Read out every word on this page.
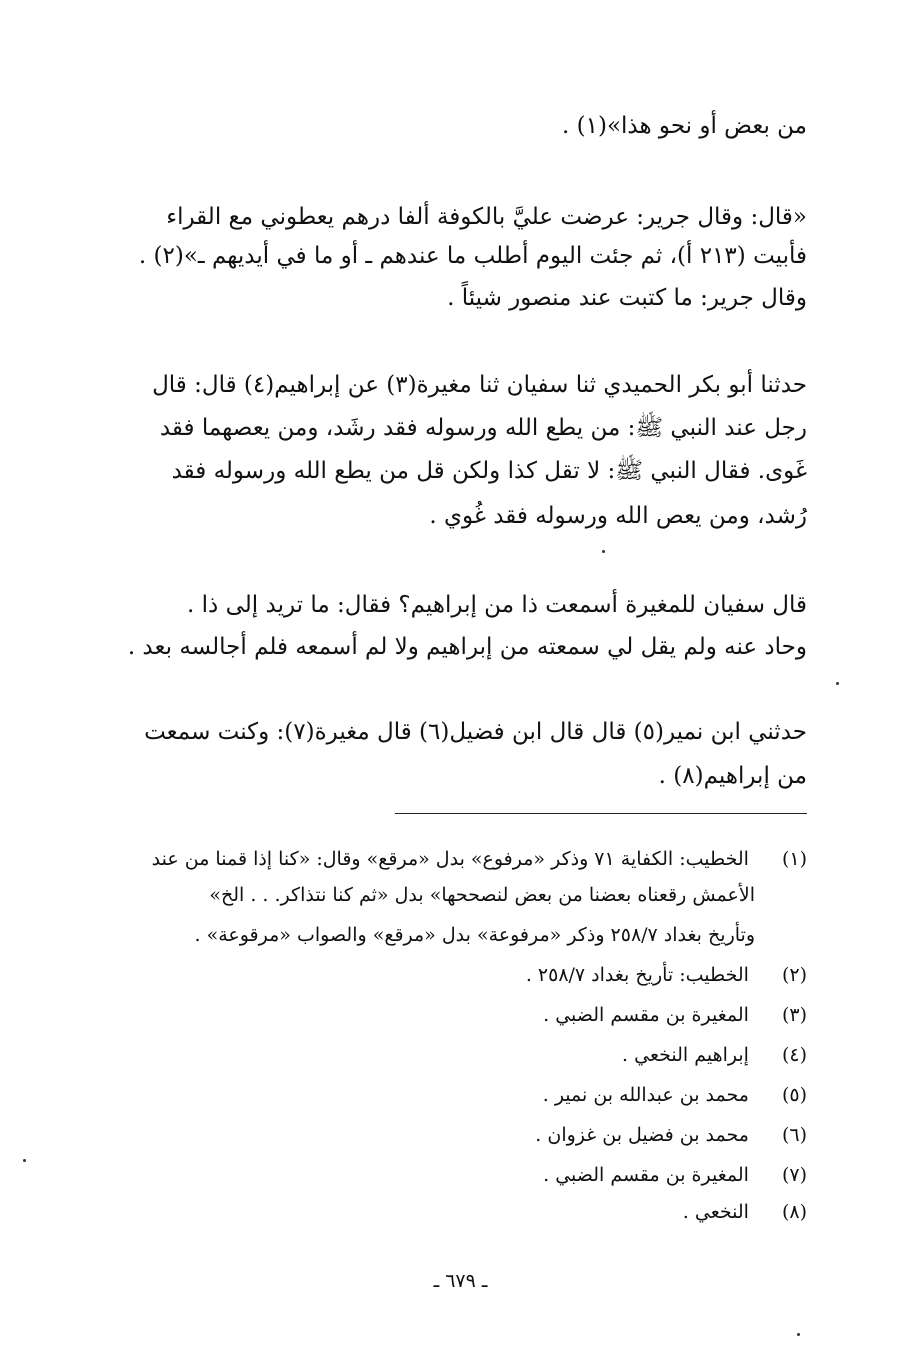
من بعض أو نحو هذا»(١) .
«قال: وقال جرير: عرضت عليَّ بالكوفة ألفا درهم يعطوني مع القراء
فأبيت (٢١٣ أ)، ثم جئت اليوم أطلب ما عندهم ـ أو ما في أيديهم ـ»(٢) .
وقال جرير: ما كتبت عند منصور شيئاً .
حدثنا أبو بكر الحميدي ثنا سفيان ثنا مغيرة(٣) عن إبراهيم(٤) قال: قال
رجل عند النبي ﷺ: من يطع الله ورسوله فقد رشَد، ومن يعصهما فقد
غَوى. فقال النبي ﷺ: لا تقل كذا ولكن قل من يطع الله ورسوله فقد
رُشد، ومن يعص الله ورسوله فقد غُوي .
قال سفيان للمغيرة أسمعت ذا من إبراهيم؟ فقال: ما تريد إلى ذا .
وحاد عنه ولم يقل لي سمعته من إبراهيم ولا لم أسمعه فلم أجالسه بعد .
حدثني ابن نمير(٥) قال قال ابن فضيل(٦) قال مغيرة(٧): وكنت سمعت
من إبراهيم(٨) .
(١) الخطيب: الكفاية ٧١ وذكر «مرفوع» بدل «مرقع» وقال: «كنا إذا قمنا من عند
الأعمش رقعناه بعضنا من بعض لنصححها» بدل «ثم كنا نتذاكر. . . الخ»
وتأريخ بغداد ٢٥٨/٧ وذكر «مرفوعة» بدل «مرقع» والصواب «مرقوعة» .
(٢) الخطيب: تأريخ بغداد ٢٥٨/٧ .
(٣) المغيرة بن مقسم الضبي .
(٤) إبراهيم النخعي .
(٥) محمد بن عبدالله بن نمير .
(٦) محمد بن فضيل بن غزوان .
(٧) المغيرة بن مقسم الضبي .
(٨) النخعي .
ـ ٦٧٩ ـ
